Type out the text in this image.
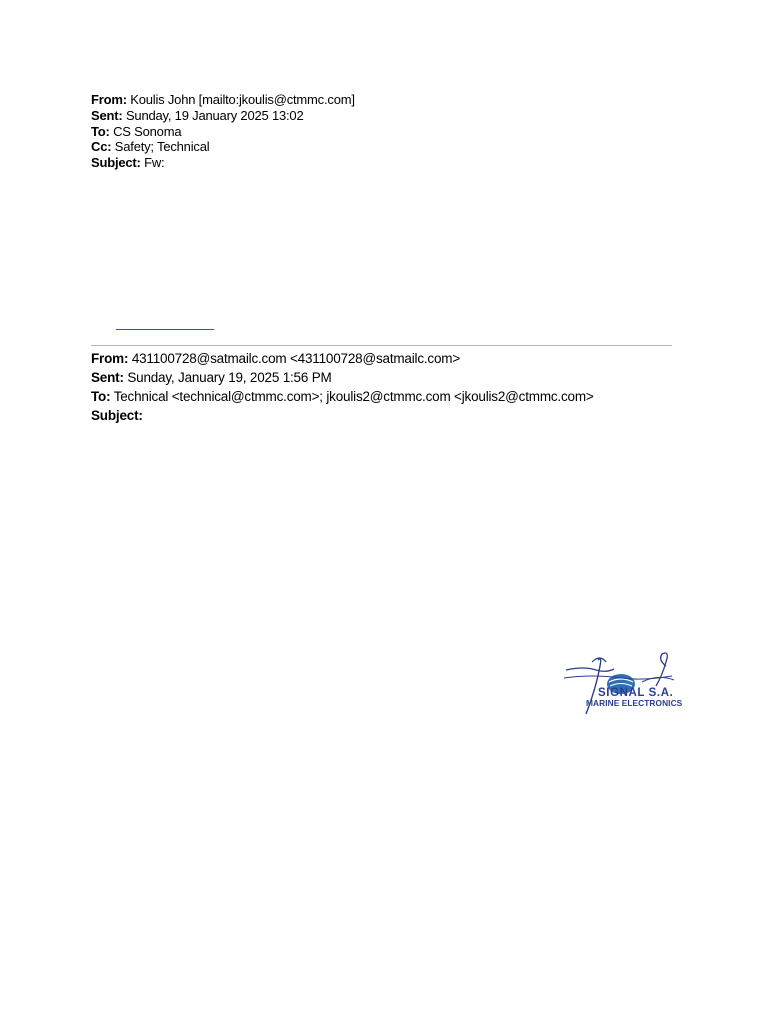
From: Koulis John [mailto:jkoulis@ctmmc.com]
Sent: Sunday, 19 January 2025 13:02
To: CS Sonoma
Cc: Safety; Technical
Subject: Fw:
From: 431100728@satmailc.com <431100728@satmailc.com>
Sent: Sunday, January 19, 2025 1:56 PM
To: Technical <technical@ctmmc.com>; jkoulis2@ctmmc.com <jkoulis2@ctmmc.com>
Subject:
SIGNAL S.A.
MARINE ELECTRONICS
